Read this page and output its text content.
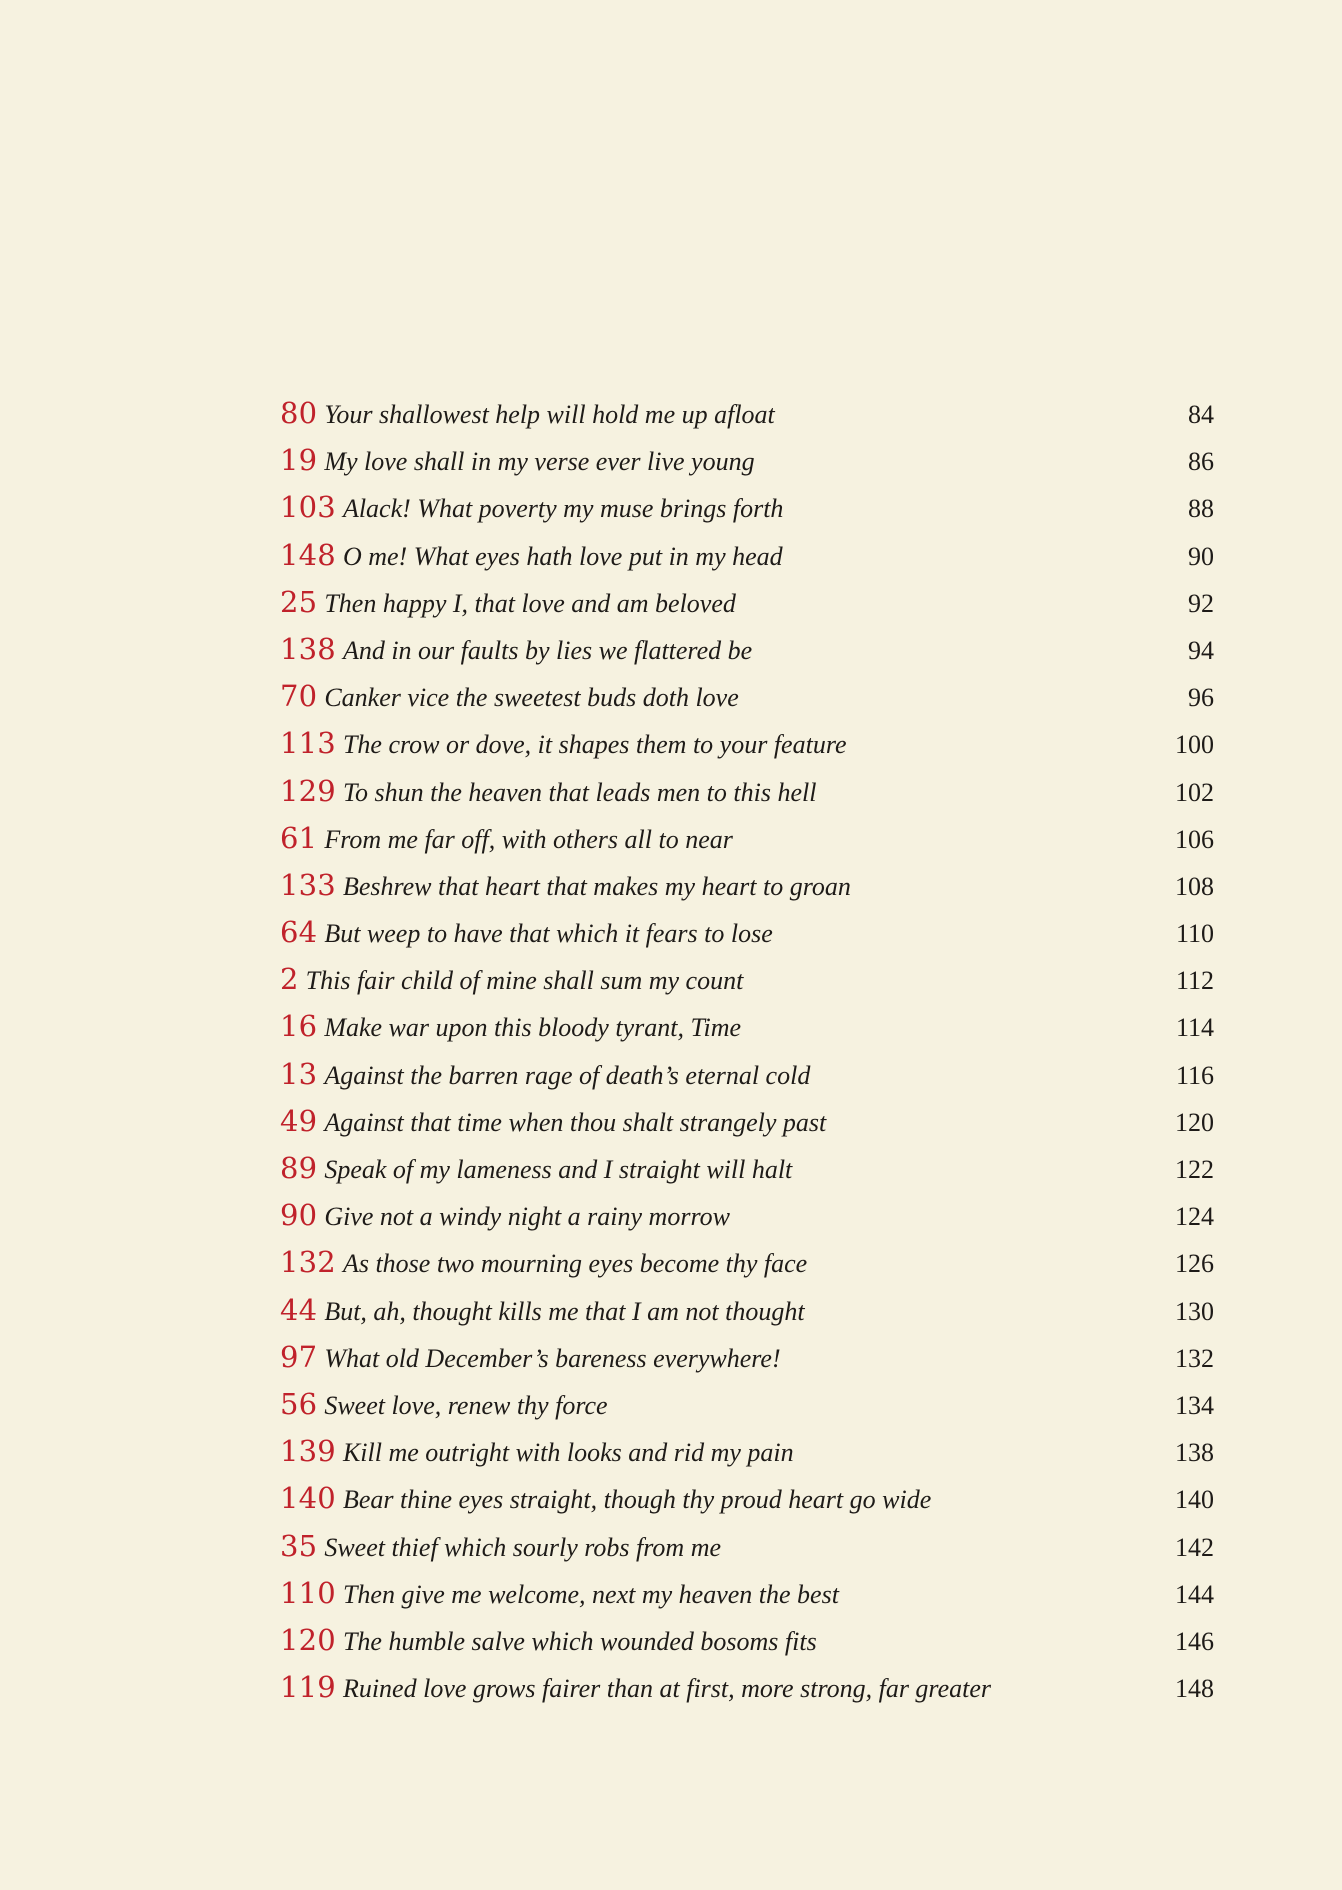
80 Your shallowest help will hold me up afloat	84
19 My love shall in my verse ever live young	86
103 Alack! What poverty my muse brings forth	88
148 O me! What eyes hath love put in my head	90
25 Then happy I, that love and am beloved	92
138 And in our faults by lies we flattered be	94
70 Canker vice the sweetest buds doth love	96
113 The crow or dove, it shapes them to your feature	100
129 To shun the heaven that leads men to this hell	102
61 From me far off, with others all to near	106
133 Beshrew that heart that makes my heart to groan	108
64 But weep to have that which it fears to lose	110
2 This fair child of mine shall sum my count	112
16 Make war upon this bloody tyrant, Time	114
13 Against the barren rage of death’s eternal cold	116
49 Against that time when thou shalt strangely past	120
89 Speak of my lameness and I straight will halt	122
90 Give not a windy night a rainy morrow	124
132 As those two mourning eyes become thy face	126
44 But, ah, thought kills me that I am not thought	130
97 What old December’s bareness everywhere!	132
56 Sweet love, renew thy force	134
139 Kill me outright with looks and rid my pain	138
140 Bear thine eyes straight, though thy proud heart go wide	140
35 Sweet thief which sourly robs from me	142
110 Then give me welcome, next my heaven the best	144
120 The humble salve which wounded bosoms fits	146
119 Ruined love grows fairer than at first, more strong, far greater	148
